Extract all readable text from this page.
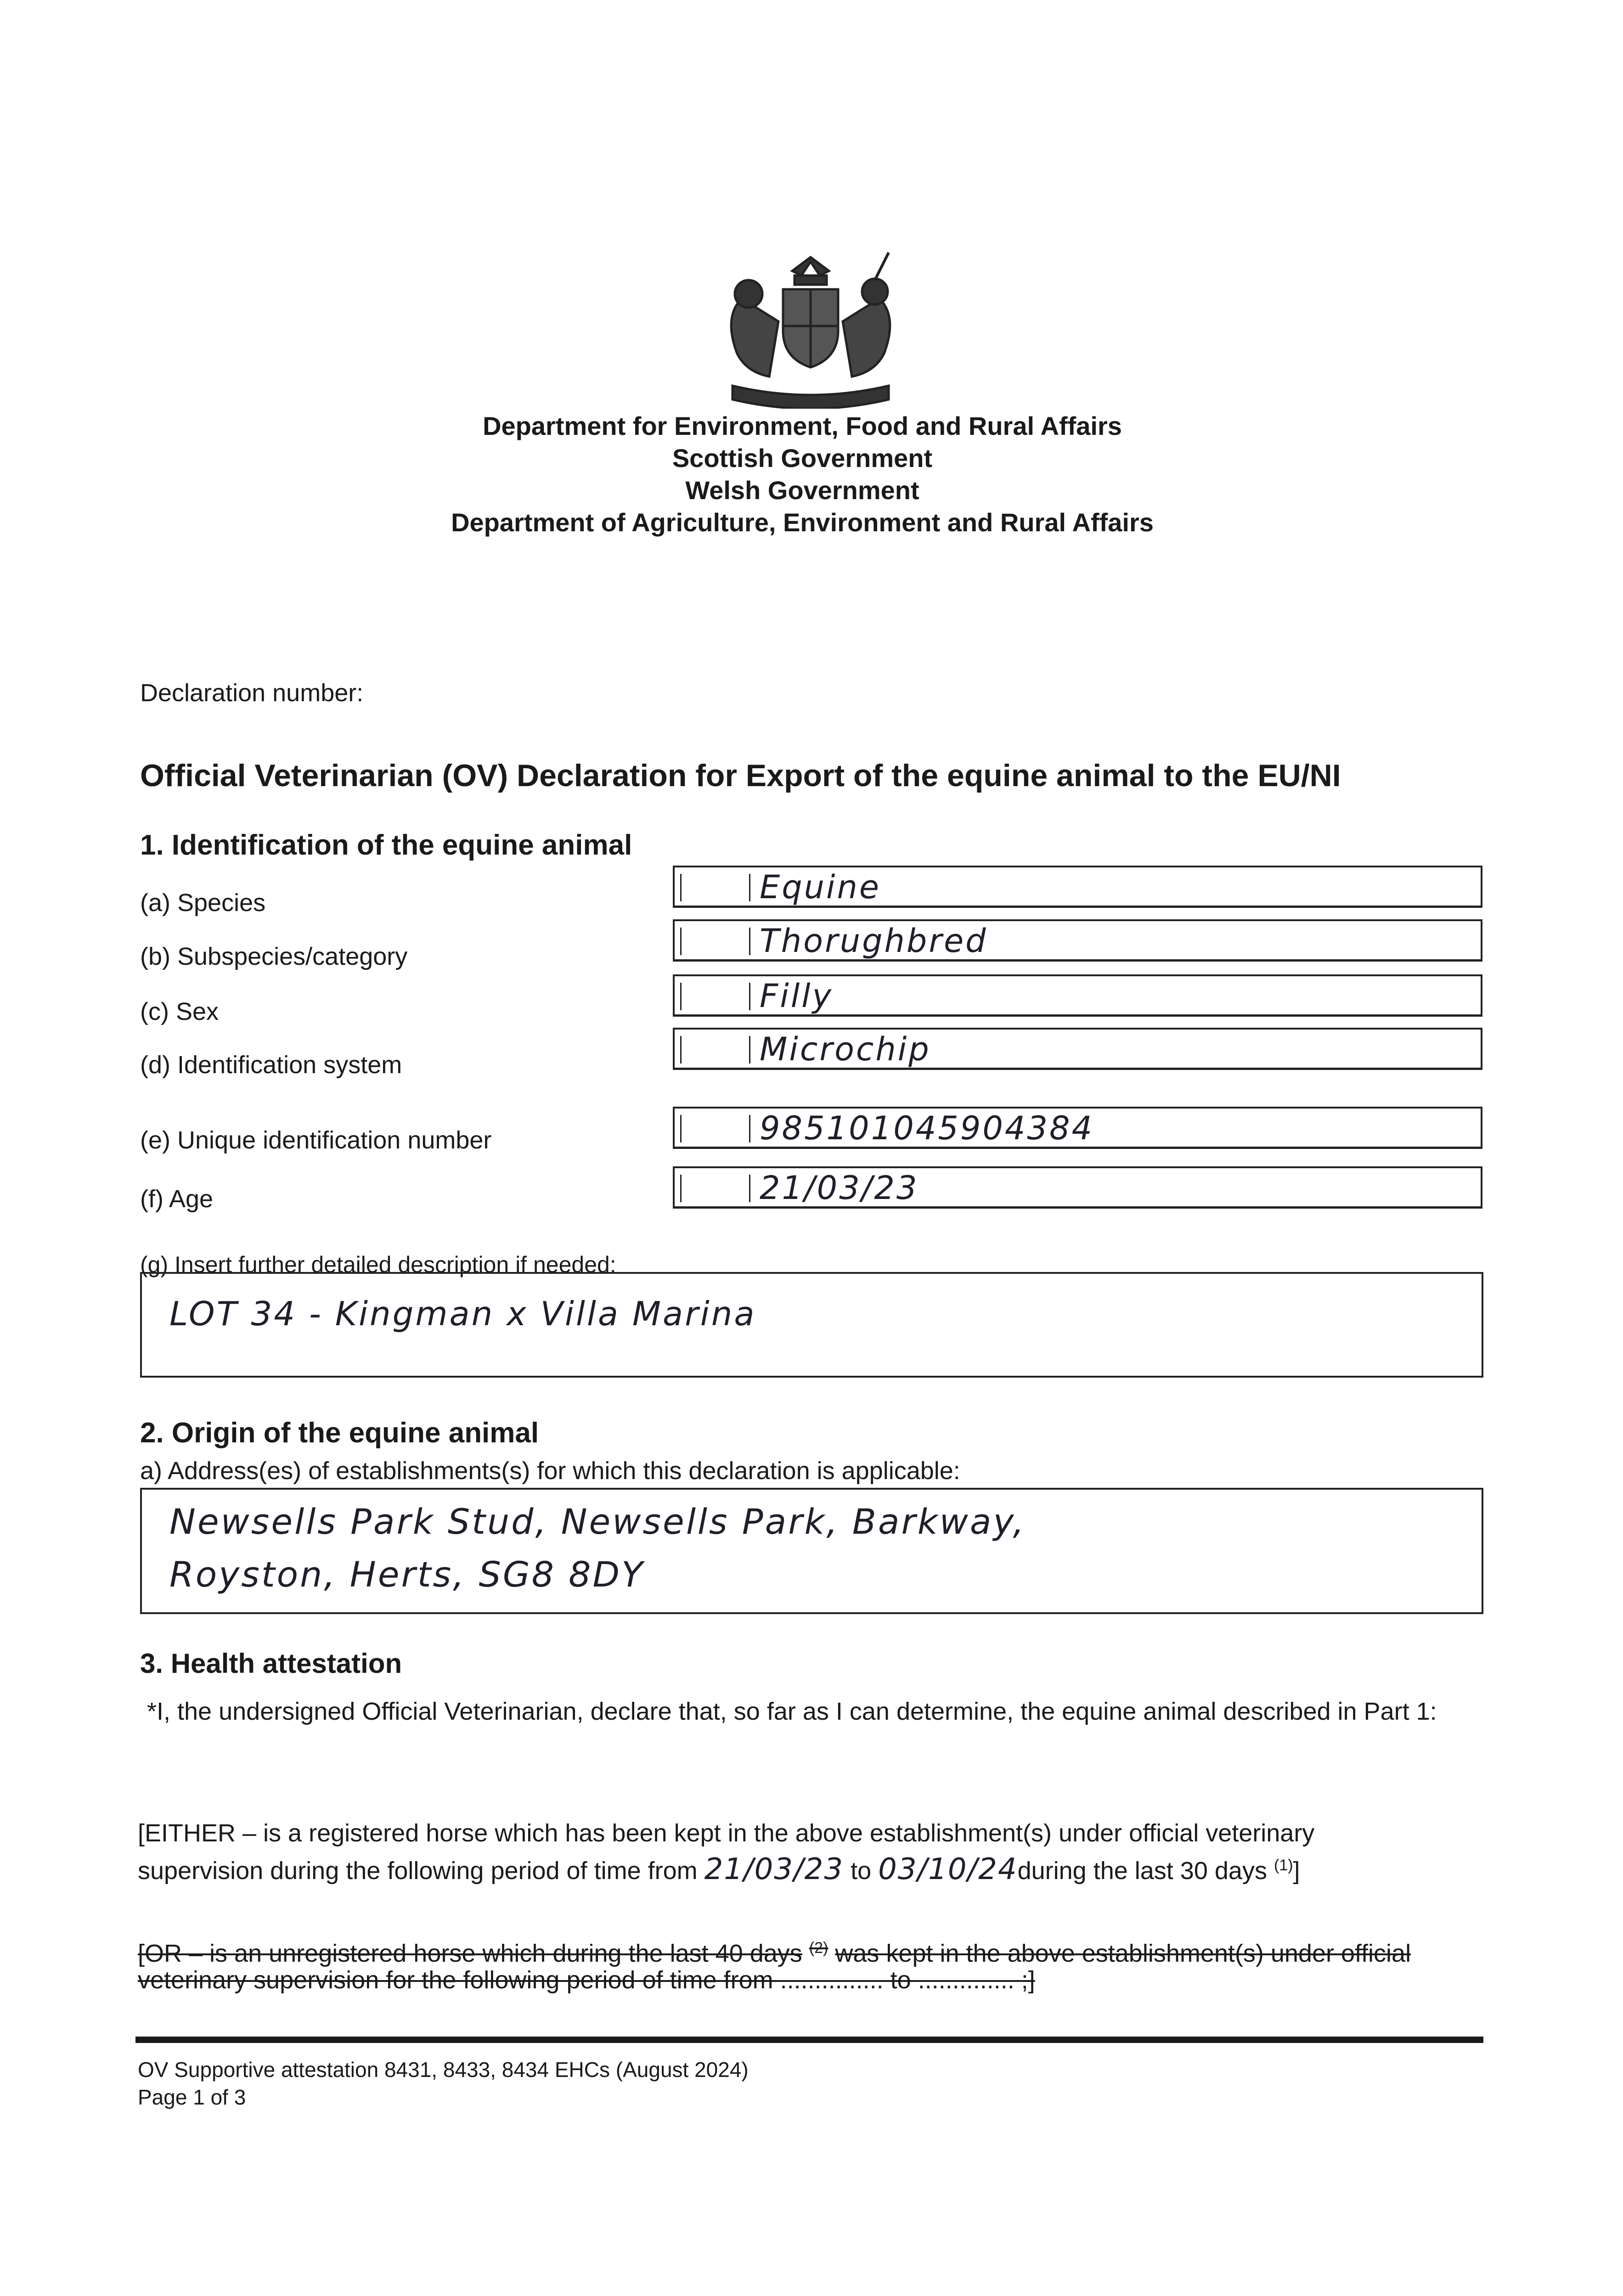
Department for Environment, Food and Rural Affairs
Scottish Government
Welsh Government
Department of Agriculture, Environment and Rural Affairs
Declaration number:
Official Veterinarian (OV) Declaration for Export of the equine animal to the EU/NI
1. Identification of the equine animal
(a) Species	Equine
(b) Subspecies/category	Thorughbred
(c) Sex	Filly
(d) Identification system	Microchip
(e) Unique identification number	985101045904384
(f) Age	21/03/23
(g) Insert further detailed description if needed:
LOT 34 - Kingman x Villa Marina
2. Origin of the equine animal
a) Address(es) of establishments(s) for which this declaration is applicable:
Newsells Park Stud, Newsells Park, Barkway,
Royston, Herts, SG8 8DY
3. Health attestation
*I, the undersigned Official Veterinarian, declare that, so far as I can determine, the equine animal described in Part 1:
[EITHER – is a registered horse which has been kept in the above establishment(s) under official veterinary
supervision during the following period of time from 21/03/23 to 03/10/24during the last 30 days $^{(1)}$]
[OR – is an unregistered horse which during the last 40 days $^{(2)}$ was kept in the above establishment(s) under official
veterinary supervision for the following period of time from ............... to .............. ;]
OV Supportive attestation 8431, 8433, 8434 EHCs (August 2024)
Page 1 of 3
